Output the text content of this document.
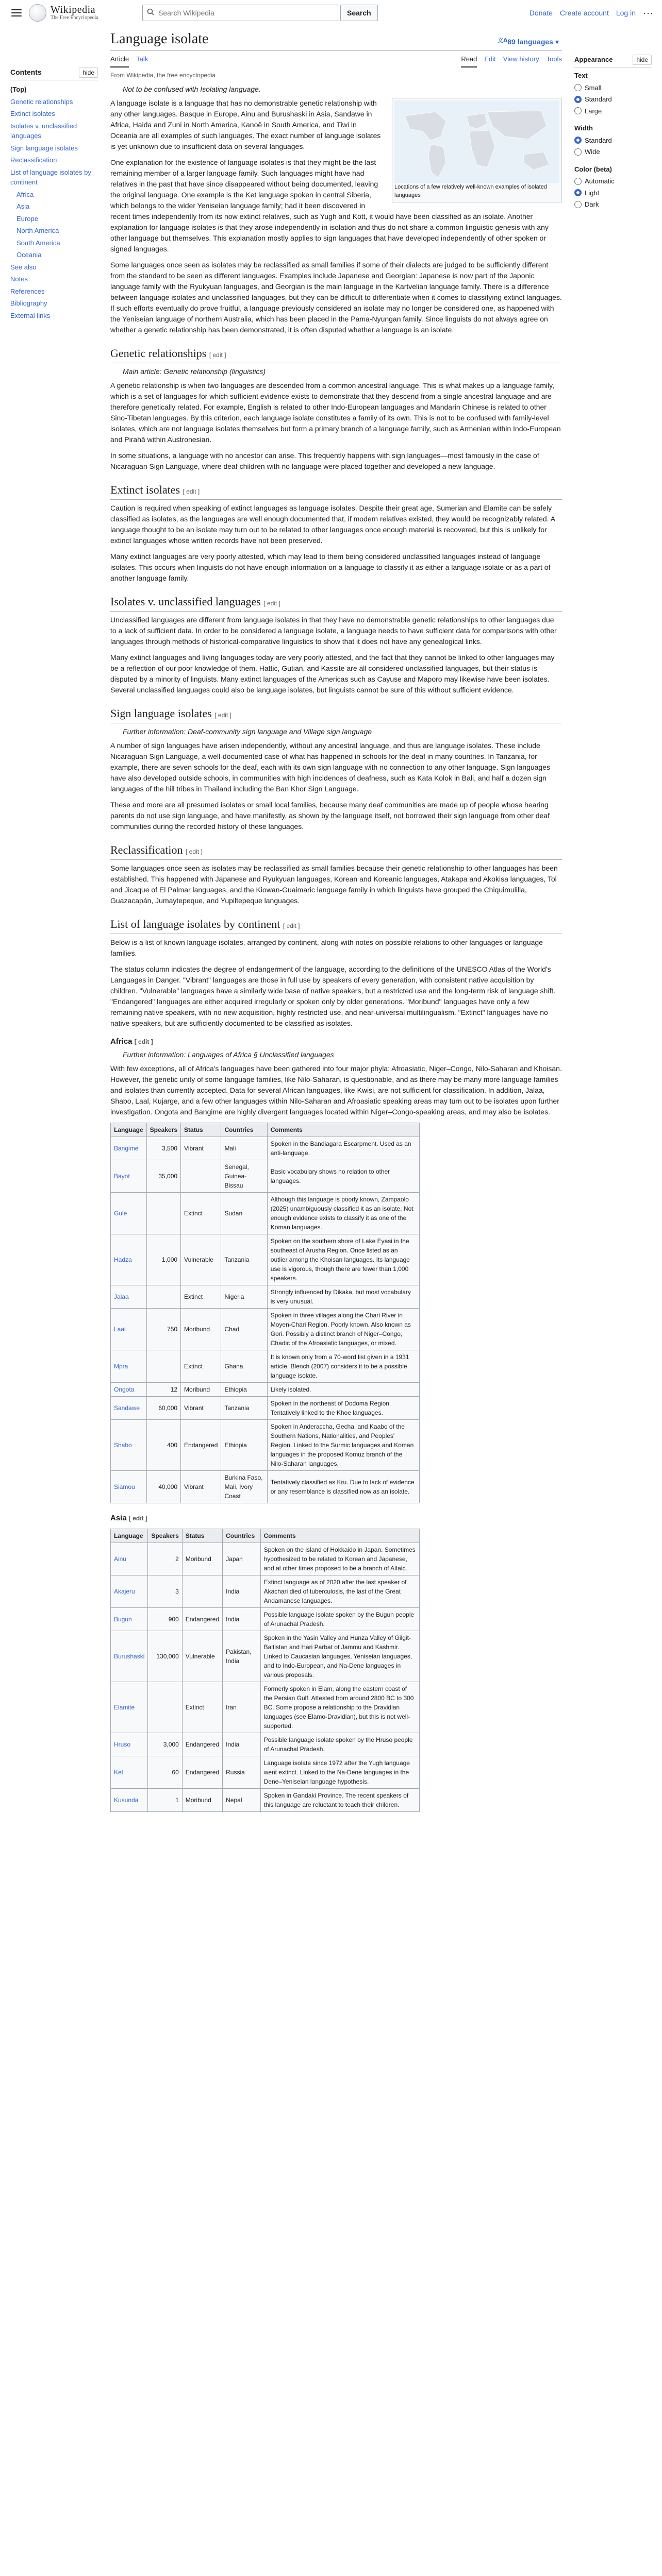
Wikipedia
The Free Encyclopedia
Search Wikipedia
Search	Donate Create account Log in ···
Contents	hide
(Top)
Genetic relationships
Extinct isolates
Isolates v. unclassified languages
Sign language isolates
Reclassification
List of language isolates by continent
Africa
Asia
Europe
North America
South America
Oceania
See also
Notes
References
Bibliography
External links
Language isolate	文A 89 languages ▾
Article Talk	Read Edit View history Tools
From Wikipedia, the free encyclopedia
Not to be confused with Isolating language.
Locations of a few relatively well-known examples of isolated languages

A language isolate is a language that has no demonstrable genetic relationship with any other languages. Basque in Europe, Ainu and Burushaski in Asia, Sandawe in Africa, Haida and Zuni in North America, Kanoê in South America, and Tiwi in Oceania are all examples of such languages. The exact number of language isolates is yet unknown due to insufficient data on several languages.

One explanation for the existence of language isolates is that they might be the last remaining member of a larger language family. Such languages might have had relatives in the past that have since disappeared without being documented, leaving the original language. One example is the Ket language spoken in central Siberia, which belongs to the wider Yeniseian language family; had it been discovered in recent times independently from its now extinct relatives, such as Yugh and Kott, it would have been classified as an isolate. Another explanation for language isolates is that they arose independently in isolation and thus do not share a common linguistic genesis with any other language but themselves. This explanation mostly applies to sign languages that have developed independently of other spoken or signed languages.

Some languages once seen as isolates may be reclassified as small families if some of their dialects are judged to be sufficiently different from the standard to be seen as different languages. Examples include Japanese and Georgian: Japanese is now part of the Japonic language family with the Ryukyuan languages, and Georgian is the main language in the Kartvelian language family. There is a difference between language isolates and unclassified languages, but they can be difficult to differentiate when it comes to classifying extinct languages. If such efforts eventually do prove fruitful, a language previously considered an isolate may no longer be considered one, as happened with the Yeniseian language of northern Australia, which has been placed in the Pama-Nyungan family. Since linguists do not always agree on whether a genetic relationship has been demonstrated, it is often disputed whether a language is an isolate.

Genetic relationships [ edit ]
Main article: Genetic relationship (linguistics)

A genetic relationship is when two languages are descended from a common ancestral language. This is what makes up a language family, which is a set of languages for which sufficient evidence exists to demonstrate that they descend from a single ancestral language and are therefore genetically related. For example, English is related to other Indo-European languages and Mandarin Chinese is related to other Sino-Tibetan languages. By this criterion, each language isolate constitutes a family of its own. This is not to be confused with family-level isolates, which are not language isolates themselves but form a primary branch of a language family, such as Armenian within Indo-European and Pirahã within Austronesian.

In some situations, a language with no ancestor can arise. This frequently happens with sign languages—most famously in the case of Nicaraguan Sign Language, where deaf children with no language were placed together and developed a new language.

Extinct isolates [ edit ]

Caution is required when speaking of extinct languages as language isolates. Despite their great age, Sumerian and Elamite can be safely classified as isolates, as the languages are well enough documented that, if modern relatives existed, they would be recognizably related. A language thought to be an isolate may turn out to be related to other languages once enough material is recovered, but this is unlikely for extinct languages whose written records have not been preserved.

Many extinct languages are very poorly attested, which may lead to them being considered unclassified languages instead of language isolates. This occurs when linguists do not have enough information on a language to classify it as either a language isolate or as a part of another language family.

Isolates v. unclassified languages [ edit ]

Unclassified languages are different from language isolates in that they have no demonstrable genetic relationships to other languages due to a lack of sufficient data. In order to be considered a language isolate, a language needs to have sufficient data for comparisons with other languages through methods of historical-comparative linguistics to show that it does not have any genealogical links.

Many extinct languages and living languages today are very poorly attested, and the fact that they cannot be linked to other languages may be a reflection of our poor knowledge of them. Hattic, Gutian, and Kassite are all considered unclassified languages, but their status is disputed by a minority of linguists. Many extinct languages of the Americas such as Cayuse and Maporo may likewise have been isolates. Several unclassified languages could also be language isolates, but linguists cannot be sure of this without sufficient evidence.

Sign language isolates [ edit ]
Further information: Deaf-community sign language and Village sign language

A number of sign languages have arisen independently, without any ancestral language, and thus are language isolates. These include Nicaraguan Sign Language, a well-documented case of what has happened in schools for the deaf in many countries. In Tanzania, for example, there are seven schools for the deaf, each with its own sign language with no connection to any other language. Sign languages have also developed outside schools, in communities with high incidences of deafness, such as Kata Kolok in Bali, and half a dozen sign languages of the hill tribes in Thailand including the Ban Khor Sign Language.

These and more are all presumed isolates or small local families, because many deaf communities are made up of people whose hearing parents do not use sign language, and have manifestly, as shown by the language itself, not borrowed their sign language from other deaf communities during the recorded history of these languages.

Reclassification [ edit ]

Some languages once seen as isolates may be reclassified as small families because their genetic relationship to other languages has been established. This happened with Japanese and Ryukyuan languages, Korean and Koreanic languages, Atakapa and Akokisa languages, Tol and Jicaque of El Palmar languages, and the Kiowan-Guaimaric language family in which linguists have grouped the Chiquimulilla, Guazacapán, Jumaytepeque, and Yupiltepeque languages.

List of language isolates by continent [ edit ]

Below is a list of known language isolates, arranged by continent, along with notes on possible relations to other languages or language families.

The status column indicates the degree of endangerment of the language, according to the definitions of the UNESCO Atlas of the World's Languages in Danger. "Vibrant" languages are those in full use by speakers of every generation, with consistent native acquisition by children. "Vulnerable" languages have a similarly wide base of native speakers, but a restricted use and the long-term risk of language shift. "Endangered" languages are either acquired irregularly or spoken only by older generations. "Moribund" languages have only a few remaining native speakers, with no new acquisition, highly restricted use, and near-universal multilingualism. "Extinct" languages have no native speakers, but are sufficiently documented to be classified as isolates.

Africa [ edit ]
Further information: Languages of Africa § Unclassified languages

With few exceptions, all of Africa's languages have been gathered into four major phyla: Afroasiatic, Niger–Congo, Nilo-Saharan and Khoisan. However, the genetic unity of some language families, like Nilo-Saharan, is questionable, and as there may be many more language families and isolates than currently accepted. Data for several African languages, like Kwisi, are not sufficient for classification. In addition, Jalaa, Shabo, Laal, Kujarge, and a few other languages within Nilo-Saharan and Afroasiatic speaking areas may turn out to be isolates upon further investigation. Ongota and Bangime are highly divergent languages located within Niger–Congo-speaking areas, and may also be isolates.

Language	Speakers	Status	Countries	Comments
Bangime	3,500	Vibrant	Mali	Spoken in the Bandiagara Escarpment. Used as an anti-language.
Bayot	35,000		Senegal, Guinea-Bissau	Basic vocabulary shows no relation to other languages.
Gule		Extinct	Sudan	Although this language is poorly known, Zampaolo (2025) unambiguously classified it as an isolate. Not enough evidence exists to classify it as one of the Koman languages.
Hadza	1,000	Vulnerable	Tanzania	Spoken on the southern shore of Lake Eyasi in the southeast of Arusha Region. Once listed as an outlier among the Khoisan languages. Its language use is vigorous, though there are fewer than 1,000 speakers.
Jalaa		Extinct	Nigeria	Strongly influenced by Dikaka, but most vocabulary is very unusual.
Laal	750	Moribund	Chad	Spoken in three villages along the Chari River in Moyen-Chari Region. Poorly known. Also known as Gori. Possibly a distinct branch of Niger–Congo, Chadic of the Afroasiatic languages, or mixed.
Mpra		Extinct	Ghana	It is known only from a 70-word list given in a 1931 article. Blench (2007) considers it to be a possible language isolate.
Ongota	12	Moribund	Ethiopia	Likely isolated.
Sandawe	60,000	Vibrant	Tanzania	Spoken in the northeast of Dodoma Region. Tentatively linked to the Khoe languages.
Shabo	400	Endangered	Ethiopia	Spoken in Anderaccha, Gecha, and Kaabo of the Southern Nations, Nationalities, and Peoples' Region. Linked to the Surmic languages and Koman languages in the proposed Komuz branch of the Nilo-Saharan languages.
Siamou	40,000	Vibrant	Burkina Faso, Mali, Ivory Coast	Tentatively classified as Kru. Due to lack of evidence or any resemblance is classified now as an isolate.
Asia [ edit ]
Language	Speakers	Status	Countries	Comments
Ainu	2	Moribund	Japan	Spoken on the island of Hokkaido in Japan. Sometimes hypothesized to be related to Korean and Japanese, and at other times proposed to be a branch of Altaic.
Akajeru	3		India	Extinct language as of 2020 after the last speaker of Akachari died of tuberculosis, the last of the Great Andamanese languages.
Bugun	900	Endangered	India	Possible language isolate spoken by the Bugun people of Arunachal Pradesh.
Burushaski	130,000	Vulnerable	Pakistan, India	Spoken in the Yasin Valley and Hunza Valley of Gilgit-Baltistan and Hari Parbat of Jammu and Kashmir. Linked to Caucasian languages, Yeniseian languages, and to Indo-European, and Na-Dene languages in various proposals.
Elamite		Extinct	Iran	Formerly spoken in Elam, along the eastern coast of the Persian Gulf. Attested from around 2800 BC to 300 BC. Some propose a relationship to the Dravidian languages (see Elamo-Dravidian), but this is not well-supported.
Hruso	3,000	Endangered	India	Possible language isolate spoken by the Hruso people of Arunachal Pradesh.
Ket	60	Endangered	Russia	Language isolate since 1972 after the Yugh language went extinct. Linked to the Na-Dene languages in the Dene–Yeniseian language hypothesis.
Kusunda	1	Moribund	Nepal	Spoken in Gandaki Province. The recent speakers of this language are reluctant to teach their children.
Appearance	hide
Text
Small
Standard
Large
Width
Standard
Wide
Color (beta)
Automatic
Light
Dark
